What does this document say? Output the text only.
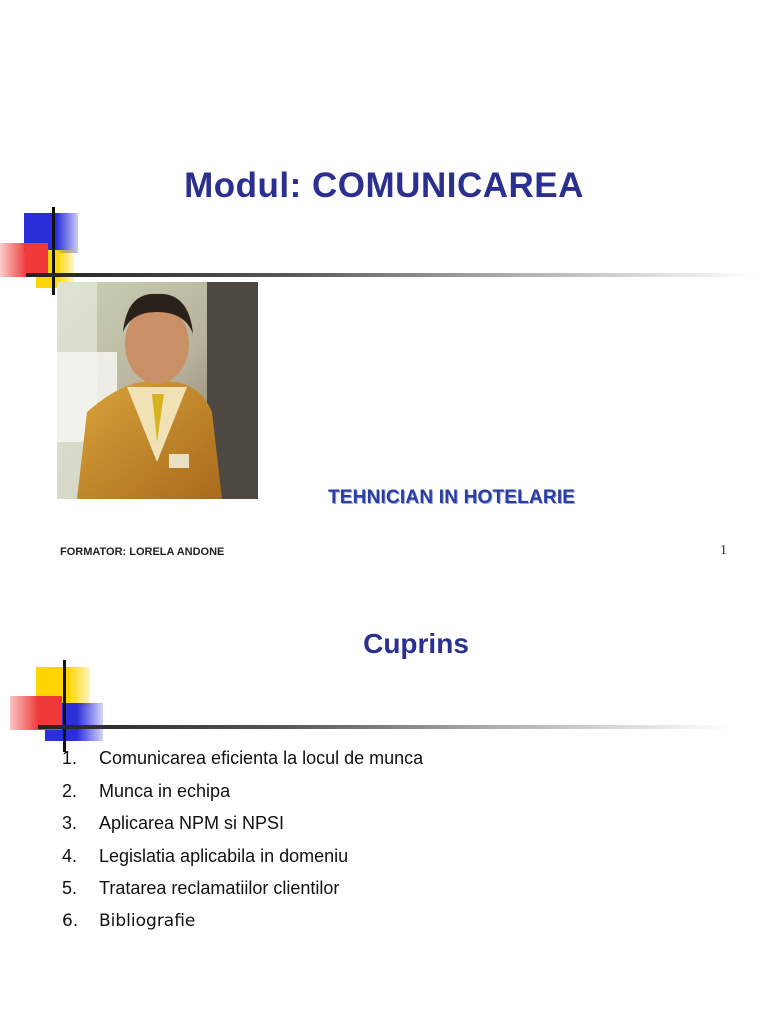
Modul: COMUNICAREA
TEHNICIAN IN HOTELARIE
FORMATOR: LORELA ANDONE	1
Cuprins
1.	Comunicarea eficienta la locul de munca
2.	Munca in echipa
3.	Aplicarea NPM si NPSI
4.	Legislatia aplicabila in domeniu
5.	Tratarea reclamatiilor clientilor
6.	Bibliografie
